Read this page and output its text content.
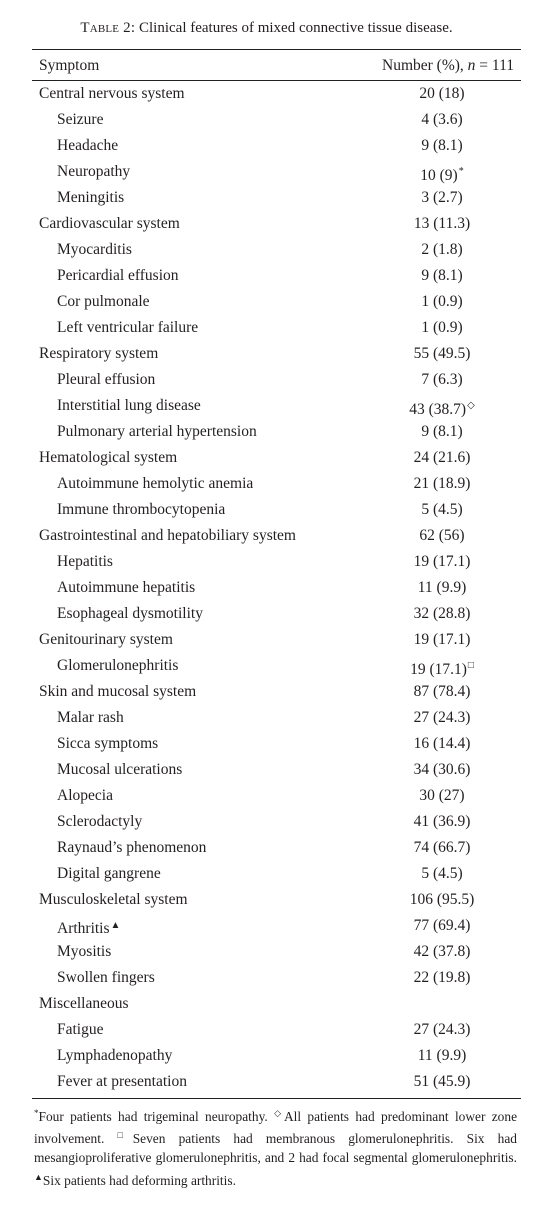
Table 2: Clinical features of mixed connective tissue disease.
Symptom	Number (%), n = 111
Central nervous system	20 (18)
Seizure	4 (3.6)
Headache	9 (8.1)
Neuropathy	10 (9)*
Meningitis	3 (2.7)
Cardiovascular system	13 (11.3)
Myocarditis	2 (1.8)
Pericardial effusion	9 (8.1)
Cor pulmonale	1 (0.9)
Left ventricular failure	1 (0.9)
Respiratory system	55 (49.5)
Pleural effusion	7 (6.3)
Interstitial lung disease	43 (38.7)◇
Pulmonary arterial hypertension	9 (8.1)
Hematological system	24 (21.6)
Autoimmune hemolytic anemia	21 (18.9)
Immune thrombocytopenia	5 (4.5)
Gastrointestinal and hepatobiliary system	62 (56)
Hepatitis	19 (17.1)
Autoimmune hepatitis	11 (9.9)
Esophageal dysmotility	32 (28.8)
Genitourinary system	19 (17.1)
Glomerulonephritis	19 (17.1)□
Skin and mucosal system	87 (78.4)
Malar rash	27 (24.3)
Sicca symptoms	16 (14.4)
Mucosal ulcerations	34 (30.6)
Alopecia	30 (27)
Sclerodactyly	41 (36.9)
Raynaud’s phenomenon	74 (66.7)
Digital gangrene	5 (4.5)
Musculoskeletal system	106 (95.5)
Arthritis▲	77 (69.4)
Myositis	42 (37.8)
Swollen fingers	22 (19.8)
Miscellaneous
Fatigue	27 (24.3)
Lymphadenopathy	11 (9.9)
Fever at presentation	51 (45.9)
*Four patients had trigeminal neuropathy. ◇All patients had predominant lower zone involvement. □Seven patients had membranous glomerulonephritis. Six had mesangioproliferative glomerulonephritis, and 2 had focal segmental glomerulonephritis. ▲Six patients had deforming arthritis.
